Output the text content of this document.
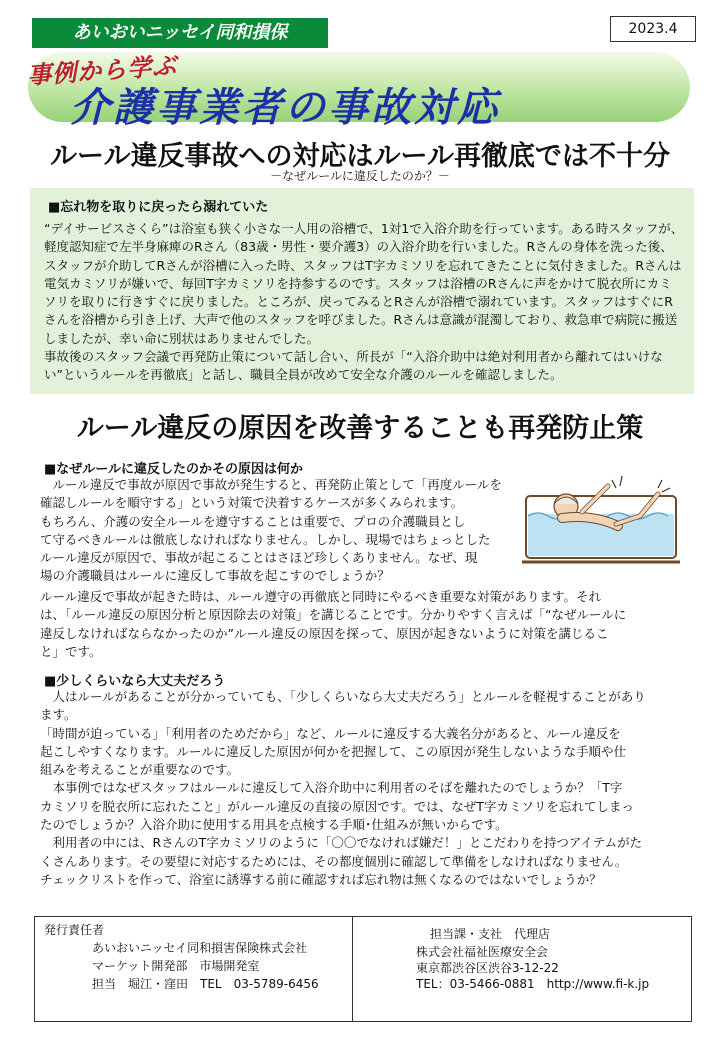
あいおいニッセイ同和損保	2023.4
事例から学ぶ
介護事業者の事故対応
ルール違反事故への対応はルール再徹底では不十分
－なぜルールに違反したのか？－
■忘れ物を取りに戻ったら溺れていた

“デイサービスさくら”は浴室も狭く小さな一人用の浴槽で、1対1で入浴介助を行っています。ある時スタッフが、軽度認知症で左半身麻痺のRさん（83歳・男性・要介護3）の入浴介助を行いました。Rさんの身体を洗った後、スタッフが介助してRさんが浴槽に入った時、スタッフはT字カミソリを忘れてきたことに気付きました。Rさんは電気カミソリが嫌いで、毎回T字カミソリを持参するのです。スタッフは浴槽のRさんに声をかけて脱衣所にカミソリを取りに行きすぐに戻りました。ところが、戻ってみるとRさんが浴槽で溺れています。スタッフはすぐにRさんを浴槽から引き上げ、大声で他のスタッフを呼びました。Rさんは意識が混濁しており、救急車で病院に搬送しましたが、幸い命に別状はありませんでした。

事故後のスタッフ会議で再発防止策について話し合い、所長が「“入浴介助中は絶対利用者から離れてはいけない”というルールを再徹底」と話し、職員全員が改めて安全な介護のルールを確認しました。

ルール違反の原因を改善することも再発防止策
■なぜルールに違反したのかその原因は何か

　ルール違反で事故が原因で事故が発生すると、再発防止策として「再度ルールを

確認しルールを順守する」という対策で決着するケースが多くみられます。

もちろん、介護の安全ルールを遵守することは重要で、プロの介護職員とし

て守るべきルールは徹底しなければなりません。しかし、現場ではちょっとした

ルール違反が原因で、事故が起こることはさほど珍しくありません。なぜ、現

場の介護職員はルールに違反して事故を起こすのでしょうか？

ルール違反で事故が起きた時は、ルール遵守の再徹底と同時にやるべき重要な対策があります。それ

は、「ルール違反の原因分析と原因除去の対策」を講じることです。分かりやすく言えば「“なぜルールに

違反しなければならなかったのか”ルール違反の原因を探って、原因が起きないように対策を講じるこ

と」です。

■少しくらいなら大丈夫だろう

　人はルールがあることが分かっていても、「少しくらいなら大丈夫だろう」とルールを軽視することがあり

ます。

「時間が迫っている」「利用者のためだから」など、ルールに違反する大義名分があると、ルール違反を

起こしやすくなります。ルールに違反した原因が何かを把握して、この原因が発生しないような手順や仕

組みを考えることが重要なのです。

　本事例ではなぜスタッフはルールに違反して入浴介助中に利用者のそばを離れたのでしょうか？「T字

カミソリを脱衣所に忘れたこと」がルール違反の直接の原因です。では、なぜT字カミソリを忘れてしまっ

たのでしょうか？入浴介助に使用する用具を点検する手順･仕組みが無いからです。

　利用者の中には、RさんのT字カミソリのように「〇〇でなければ嫌だ！」とこだわりを持つアイテムがた

くさんあります。その要望に対応するためには、その都度個別に確認して準備をしなければなりません。

チェックリストを作って、浴室に誘導する前に確認すれば忘れ物は無くなるのではないでしょうか？

発行責任者
　　　　あいおいニッセイ同和損害保険株式会社
　　　　マーケット開発部　市場開発室
　　　　担当　堀江・窪田　TEL　03-5789-6456
担当課・支社　代理店
株式会社福祉医療安全会
東京都渋谷区渋谷3-12-22
TEL：03-5466-0881　http://www.fi-k.jp
